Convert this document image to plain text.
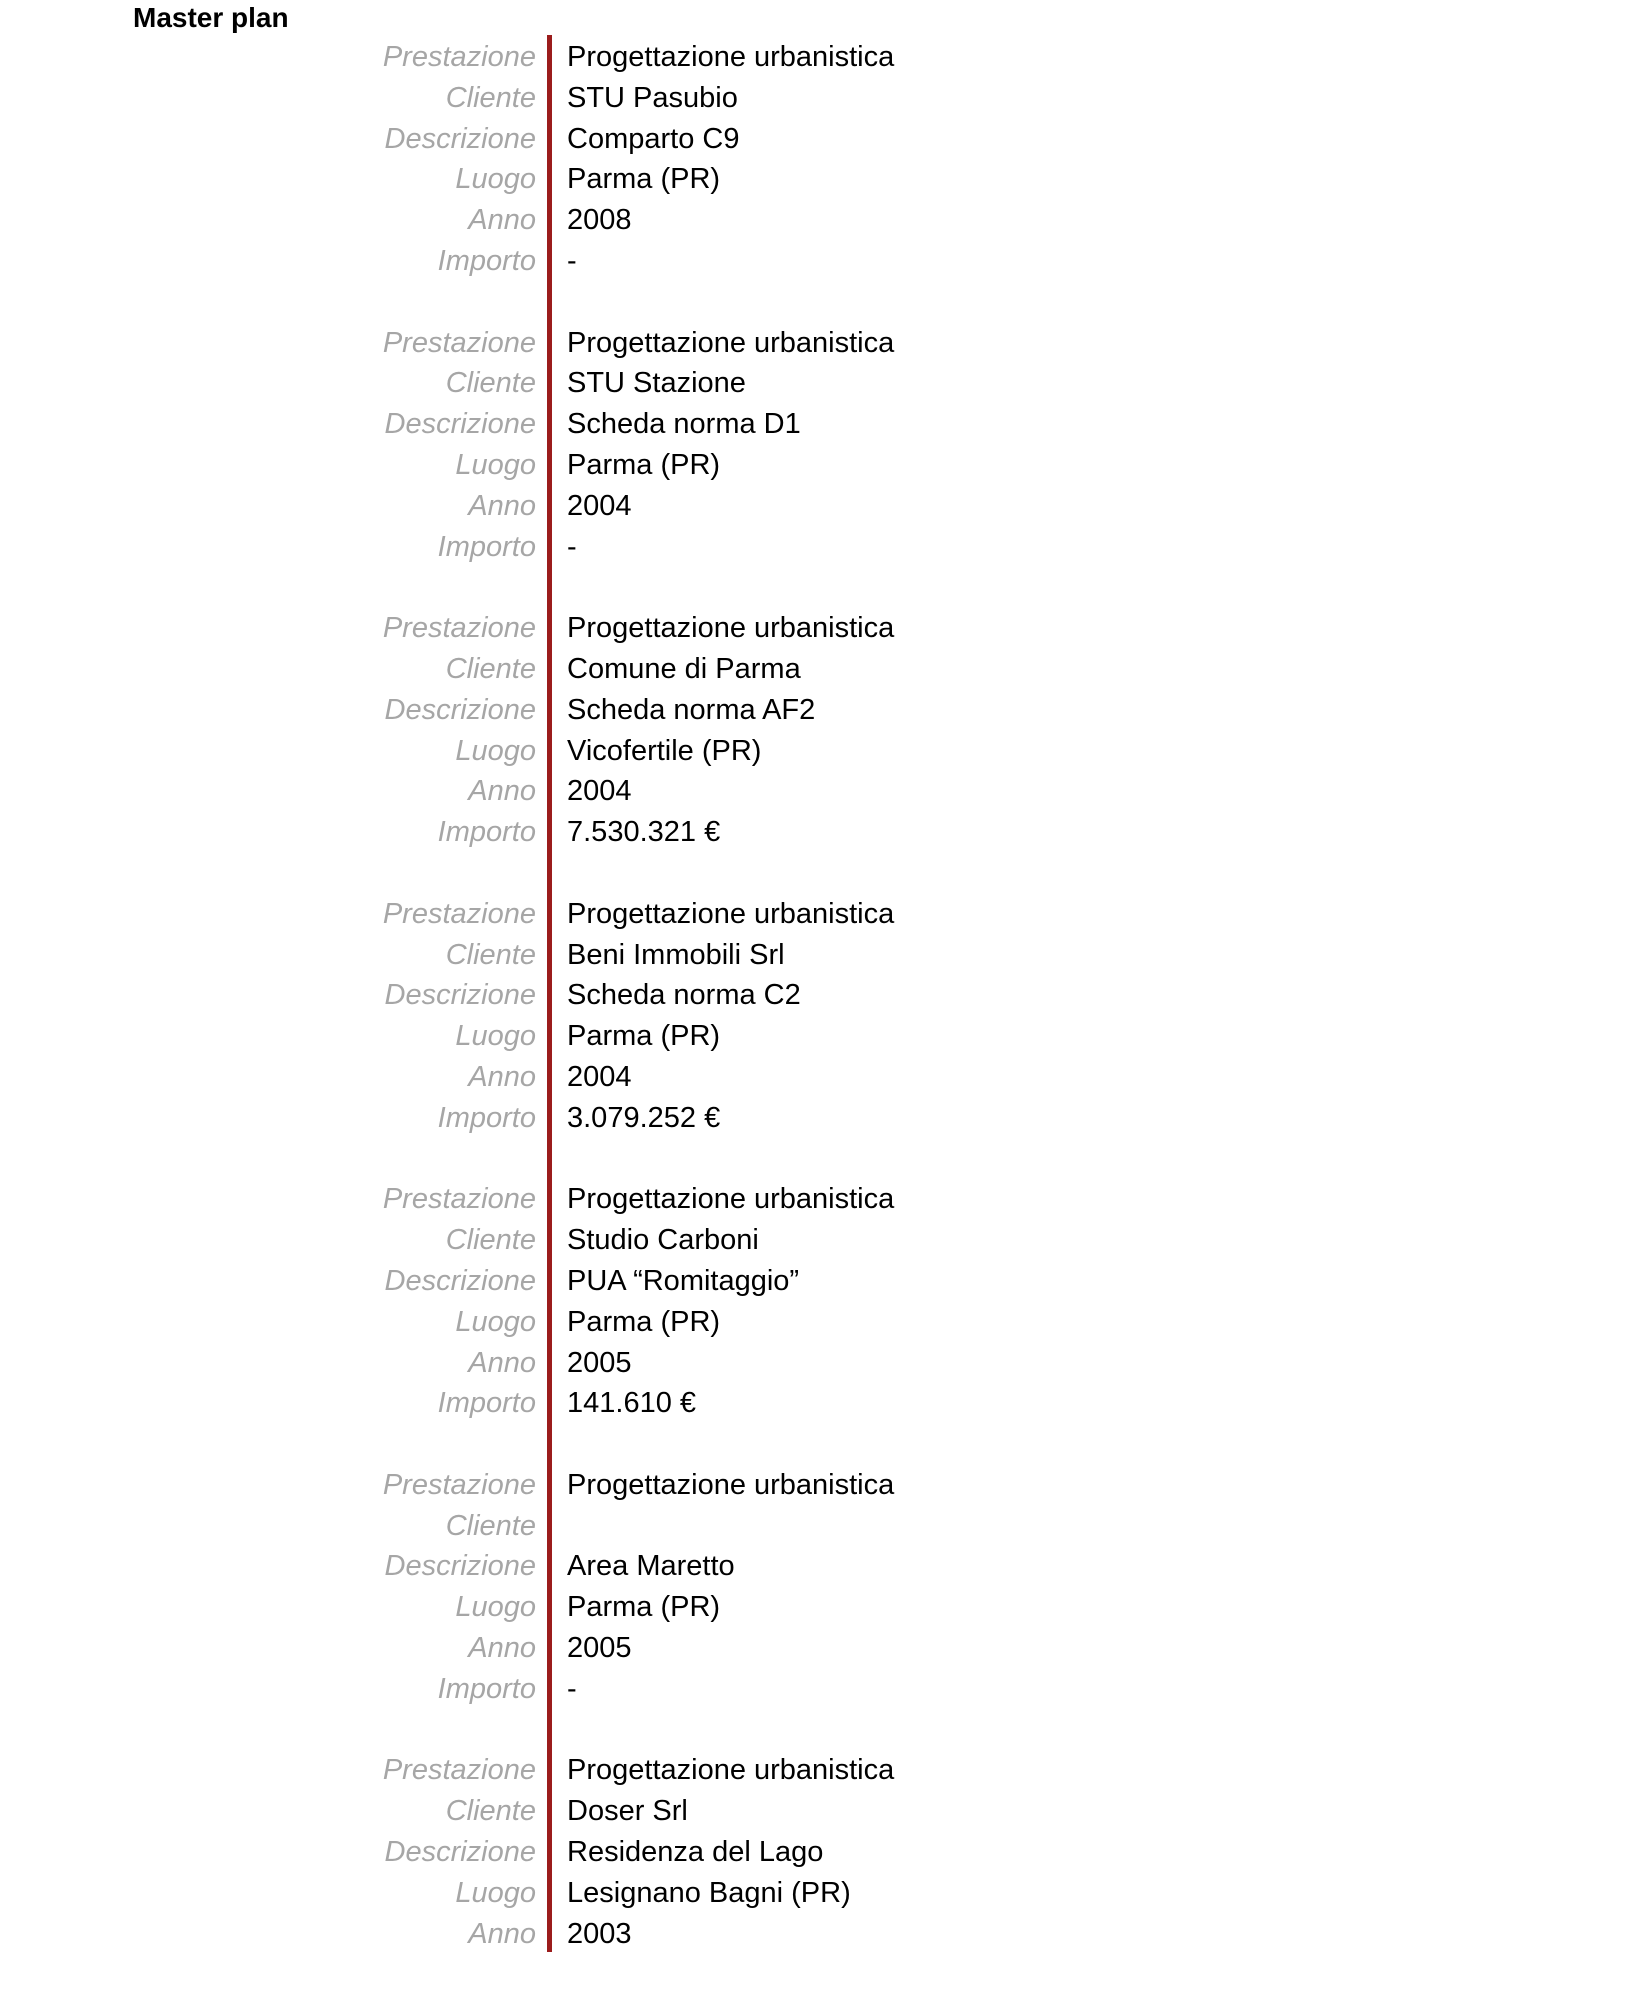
Master plan
Prestazione Progettazione urbanistica
Cliente STU Pasubio
Descrizione Comparto C9
Luogo Parma (PR)
Anno 2008
Importo -
Prestazione Progettazione urbanistica
Cliente STU Stazione
Descrizione Scheda norma D1
Luogo Parma (PR)
Anno 2004
Importo -
Prestazione Progettazione urbanistica
Cliente Comune di Parma
Descrizione Scheda norma AF2
Luogo Vicofertile (PR)
Anno 2004
Importo 7.530.321 €
Prestazione Progettazione urbanistica
Cliente Beni Immobili Srl
Descrizione Scheda norma C2
Luogo Parma (PR)
Anno 2004
Importo 3.079.252 €
Prestazione Progettazione urbanistica
Cliente Studio Carboni
Descrizione PUA “Romitaggio”
Luogo Parma (PR)
Anno 2005
Importo 141.610 €
Prestazione Progettazione urbanistica
Cliente
Descrizione Area Maretto
Luogo Parma (PR)
Anno 2005
Importo -
Prestazione Progettazione urbanistica
Cliente Doser Srl
Descrizione Residenza del Lago
Luogo Lesignano Bagni (PR)
Anno 2003
